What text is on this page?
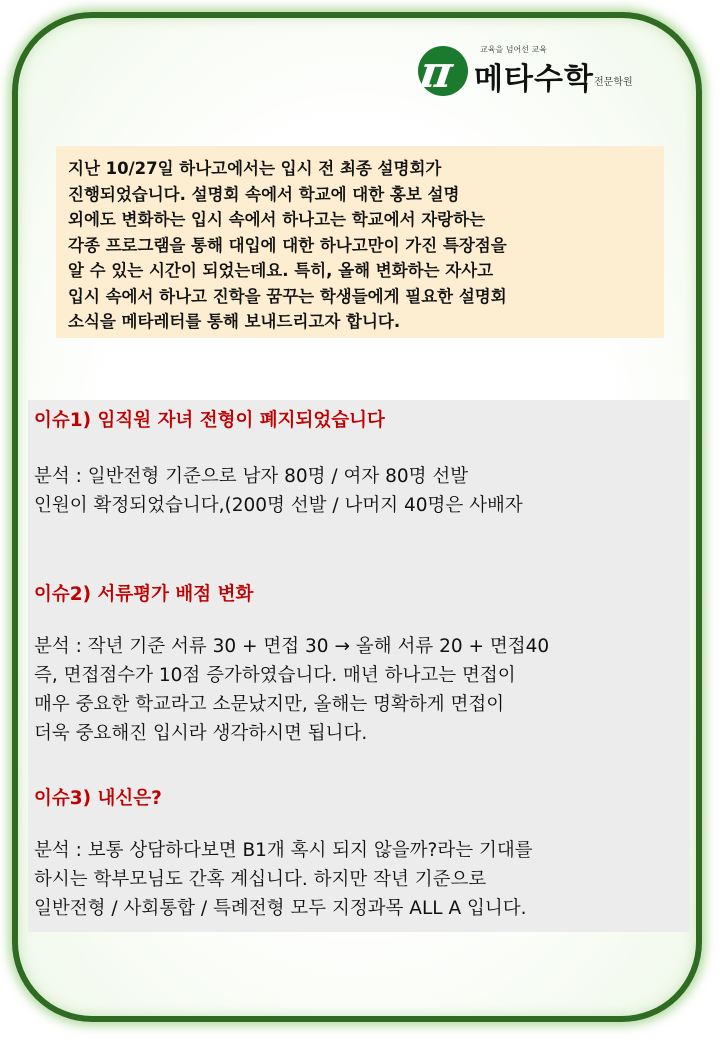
π	교육을 넘어선 교육
메타수학 전문학원
지난 10/27일 하나고에서는 입시 전 최종 설명회가
진행되었습니다. 설명회 속에서 학교에 대한 홍보 설명
외에도 변화하는 입시 속에서 하나고는 학교에서 자랑하는
각종 프로그램을 통해 대입에 대한 하나고만이 가진 특장점을
알 수 있는 시간이 되었는데요. 특히, 올해 변화하는 자사고
입시 속에서 하나고 진학을 꿈꾸는 학생들에게 필요한 설명회
소식을 메타레터를 통해 보내드리고자 합니다.
이슈1) 임직원 자녀 전형이 폐지되었습니다
분석 : 일반전형 기준으로 남자 80명 / 여자 80명 선발
인원이 확정되었습니다,(200명 선발 / 나머지 40명은 사배자
이슈2) 서류평가 배점 변화
분석 : 작년 기준 서류 30 + 면접 30 → 올해 서류 20 + 면접40
즉, 면접점수가 10점 증가하였습니다. 매년 하나고는 면접이
매우 중요한 학교라고 소문났지만, 올해는 명확하게 면접이
더욱 중요해진 입시라 생각하시면 됩니다.
이슈3) 내신은?
분석 : 보통 상담하다보면 B1개 혹시 되지 않을까?라는 기대를
하시는 학부모님도 간혹 계십니다. 하지만 작년 기준으로
일반전형 / 사회통합 / 특례전형 모두 지정과목 ALL A 입니다.
